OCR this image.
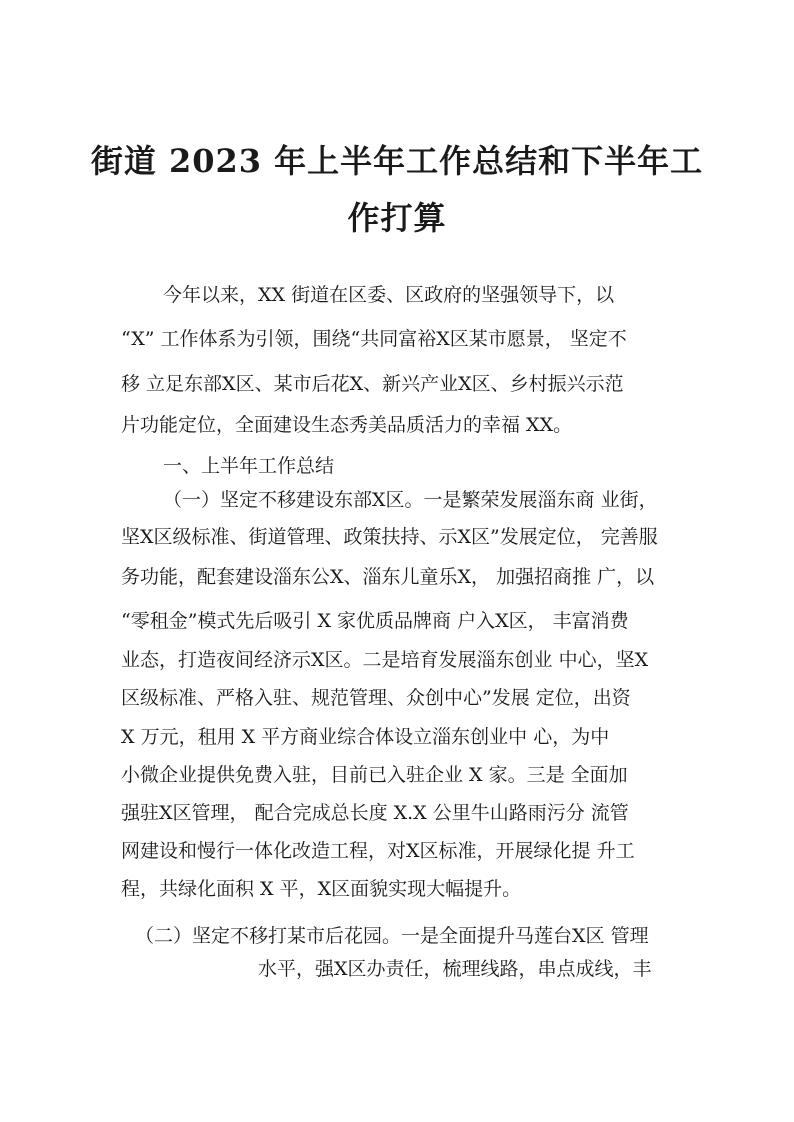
街道 2023 年上半年工作总结和下半年工
作打算
今年以来，XX 街道在区委、区政府的坚强领导下，以
“X” 工作体系为引领，围绕“共同富裕X区某市愿景， 坚定不
移 立足东部X区、某市后花X、新兴产业X区、乡村振兴示范
片功能定位，全面建设生态秀美品质活力的幸福 XX。
一、上半年工作总结
（一）坚定不移建设东部X区。一是繁荣发展淄东商 业街，
坚X区级标准、街道管理、政策扶持、示X区”发展定位， 完善服
务功能，配套建设淄东公X、淄东儿童乐X， 加强招商推 广，以
“零租金”模式先后吸引 X 家优质品牌商 户入X区， 丰富消费
业态，打造夜间经济示X区。二是培育发展淄东创业 中心，坚X
区级标准、严格入驻、规范管理、众创中心”发展 定位，出资
X 万元，租用 X 平方商业综合体设立淄东创业中 心，为中
小微企业提供免费入驻，目前已入驻企业 X 家。三是 全面加
强驻X区管理， 配合完成总长度 X.X 公里牛山路雨污分 流管
网建设和慢行一体化改造工程，对X区标准，开展绿化提 升工
程，共绿化面积 X 平，X区面貌实现大幅提升。
（二）坚定不移打某市后花园。一是全面提升马莲台X区 管理
水平，强X区办责任，梳理线路，串点成线，丰
